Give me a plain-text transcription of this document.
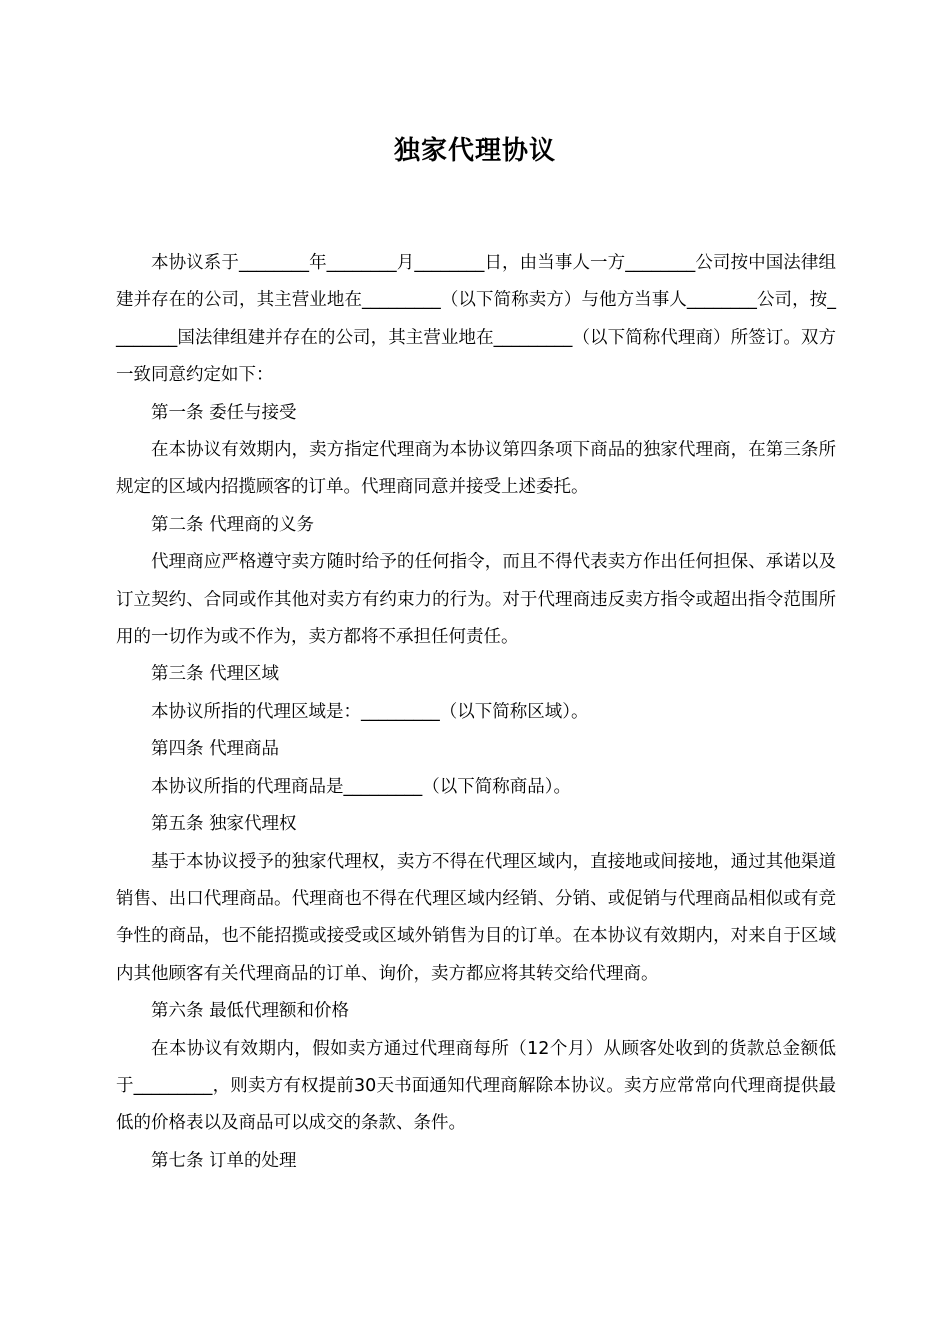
独家代理协议

本协议系于________年________月________日，由当事人一方________公司按中国法律组建并存在的公司，其主营业地在_________（以下简称卖方）与他方当事人________公司，按________国法律组建并存在的公司，其主营业地在_________（以下简称代理商）所签订。双方一致同意约定如下：

第一条 委任与接受

在本协议有效期内，卖方指定代理商为本协议第四条项下商品的独家代理商，在第三条所规定的区域内招揽顾客的订单。代理商同意并接受上述委托。

第二条 代理商的义务

代理商应严格遵守卖方随时给予的任何指令，而且不得代表卖方作出任何担保、承诺以及订立契约、合同或作其他对卖方有约束力的行为。对于代理商违反卖方指令或超出指令范围所用的一切作为或不作为，卖方都将不承担任何责任。

第三条 代理区域

本协议所指的代理区域是：_________（以下简称区域）。

第四条 代理商品

本协议所指的代理商品是_________（以下简称商品）。

第五条 独家代理权

基于本协议授予的独家代理权，卖方不得在代理区域内，直接地或间接地，通过其他渠道销售、出口代理商品。代理商也不得在代理区域内经销、分销、或促销与代理商品相似或有竞争性的商品，也不能招揽或接受或区域外销售为目的订单。在本协议有效期内，对来自于区域内其他顾客有关代理商品的订单、询价，卖方都应将其转交给代理商。

第六条 最低代理额和价格

在本协议有效期内，假如卖方通过代理商每所（12个月）从顾客处收到的货款总金额低于_________，则卖方有权提前30天书面通知代理商解除本协议。卖方应常常向代理商提供最低的价格表以及商品可以成交的条款、条件。

第七条 订单的处理
